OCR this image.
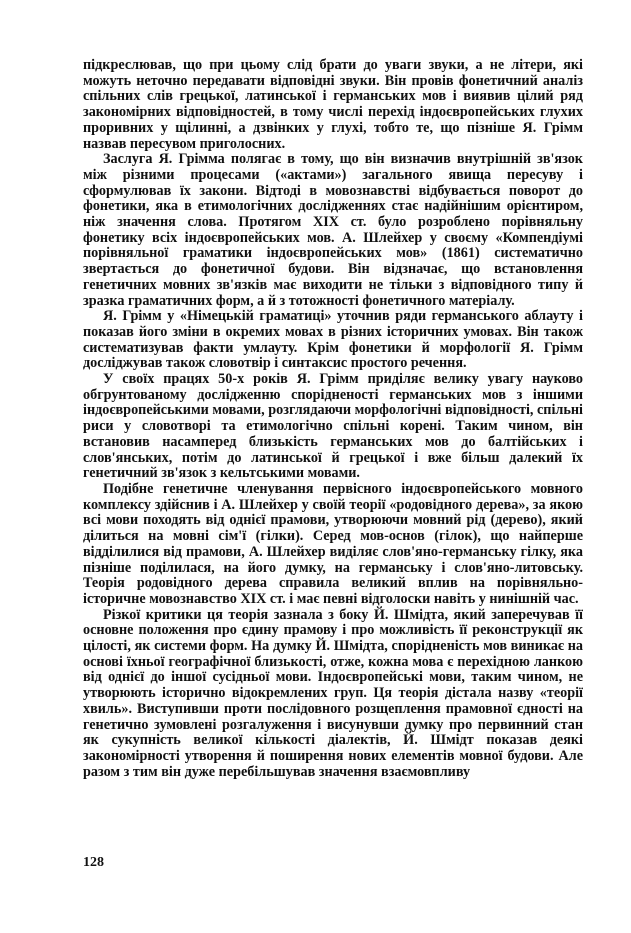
підкреслював, що при цьому слід брати до уваги звуки, а не літери, які можуть неточно передавати відповідні звуки. Він провів фонетичний аналіз спільних слів грецької, латинської і германських мов і виявив цілий ряд закономірних відповідностей, в тому числі перехід індоєвропейських глухих проривних у щілинні, а дзвінких у глухі, тобто те, що пізніше Я. Грімм назвав пересувом приголосних.

Заслуга Я. Грімма полягає в тому, що він визначив внутрішній зв'язок між різними процесами («актами») загального явища пересуву і сформулював їх закони. Відтоді в мовознавстві відбувається поворот до фонетики, яка в етимологічних дослідженнях стає надійнішим орієнтиром, ніж значення слова. Протягом XIX ст. було розроблено порівняльну фонетику всіх індоєвропейських мов. А. Шлейхер у своєму «Компендіумі порівняльної граматики індоєвропейських мов» (1861) систематично звертається до фонетичної будови. Він відзначає, що встановлення генетичних мовних зв'язків має виходити не тільки з відповідного типу й зразка граматичних форм, а й з тотожності фонетичного матеріалу.

Я. Грімм у «Німецькій граматиці» уточнив ряди германського аблауту і показав його зміни в окремих мовах в різних історичних умовах. Він також систематизував факти умлауту. Крім фонетики й морфології Я. Грімм досліджував також словотвір і синтаксис простого речення.

У своїх працях 50-х років Я. Грімм приділяє велику увагу науково обгрунтованому дослідженню спорідненості германських мов з іншими індоєвропейськими мовами, розглядаючи морфологічні відповідності, спільні риси у словотворі та етимологічно спільні корені. Таким чином, він встановив насамперед близькість германських мов до балтійських і слов'янських, потім до латинської й грецької і вже більш далекий їх генетичний зв'язок з кельтськими мовами.

Подібне генетичне членування первісного індоєвропейського мовного комплексу здійснив і А. Шлейхер у своїй теорії «родовідного дерева», за якою всі мови походять від однієї прамови, утворюючи мовний рід (дерево), який ділиться на мовні сім'ї (гілки). Серед мов-основ (гілок), що найперше відділилися від прамови, А. Шлейхер виділяє слов'яно-германську гілку, яка пізніше поділилася, на його думку, на германську і слов'яно-литовську. Теорія родовідного дерева справила великий вплив на порівняльно-історичне мовознавство XIX ст. і має певні відголоски навіть у нинішній час.

Різкої критики ця теорія зазнала з боку Й. Шмідта, який заперечував її основне положення про єдину прамову і про можливість її реконструкції як цілості, як системи форм. На думку Й. Шмідта, спорідненість мов виникає на основі їхньої географічної близькості, отже, кожна мова є перехідною ланкою від однієї до іншої сусідньої мови. Індоєвропейські мови, таким чином, не утворюють історично відокремлених груп. Ця теорія дістала назву «теорії хвиль». Виступивши проти послідовного розщеплення прамовної єдності на генетично зумовлені розгалуження і висунувши думку про первинний стан як сукупність великої кількості діалектів, Й. Шмідт показав деякі закономірності утворення й поширення нових елементів мовної будови. Але разом з тим він дуже перебільшував значення взаємовпливу

128
